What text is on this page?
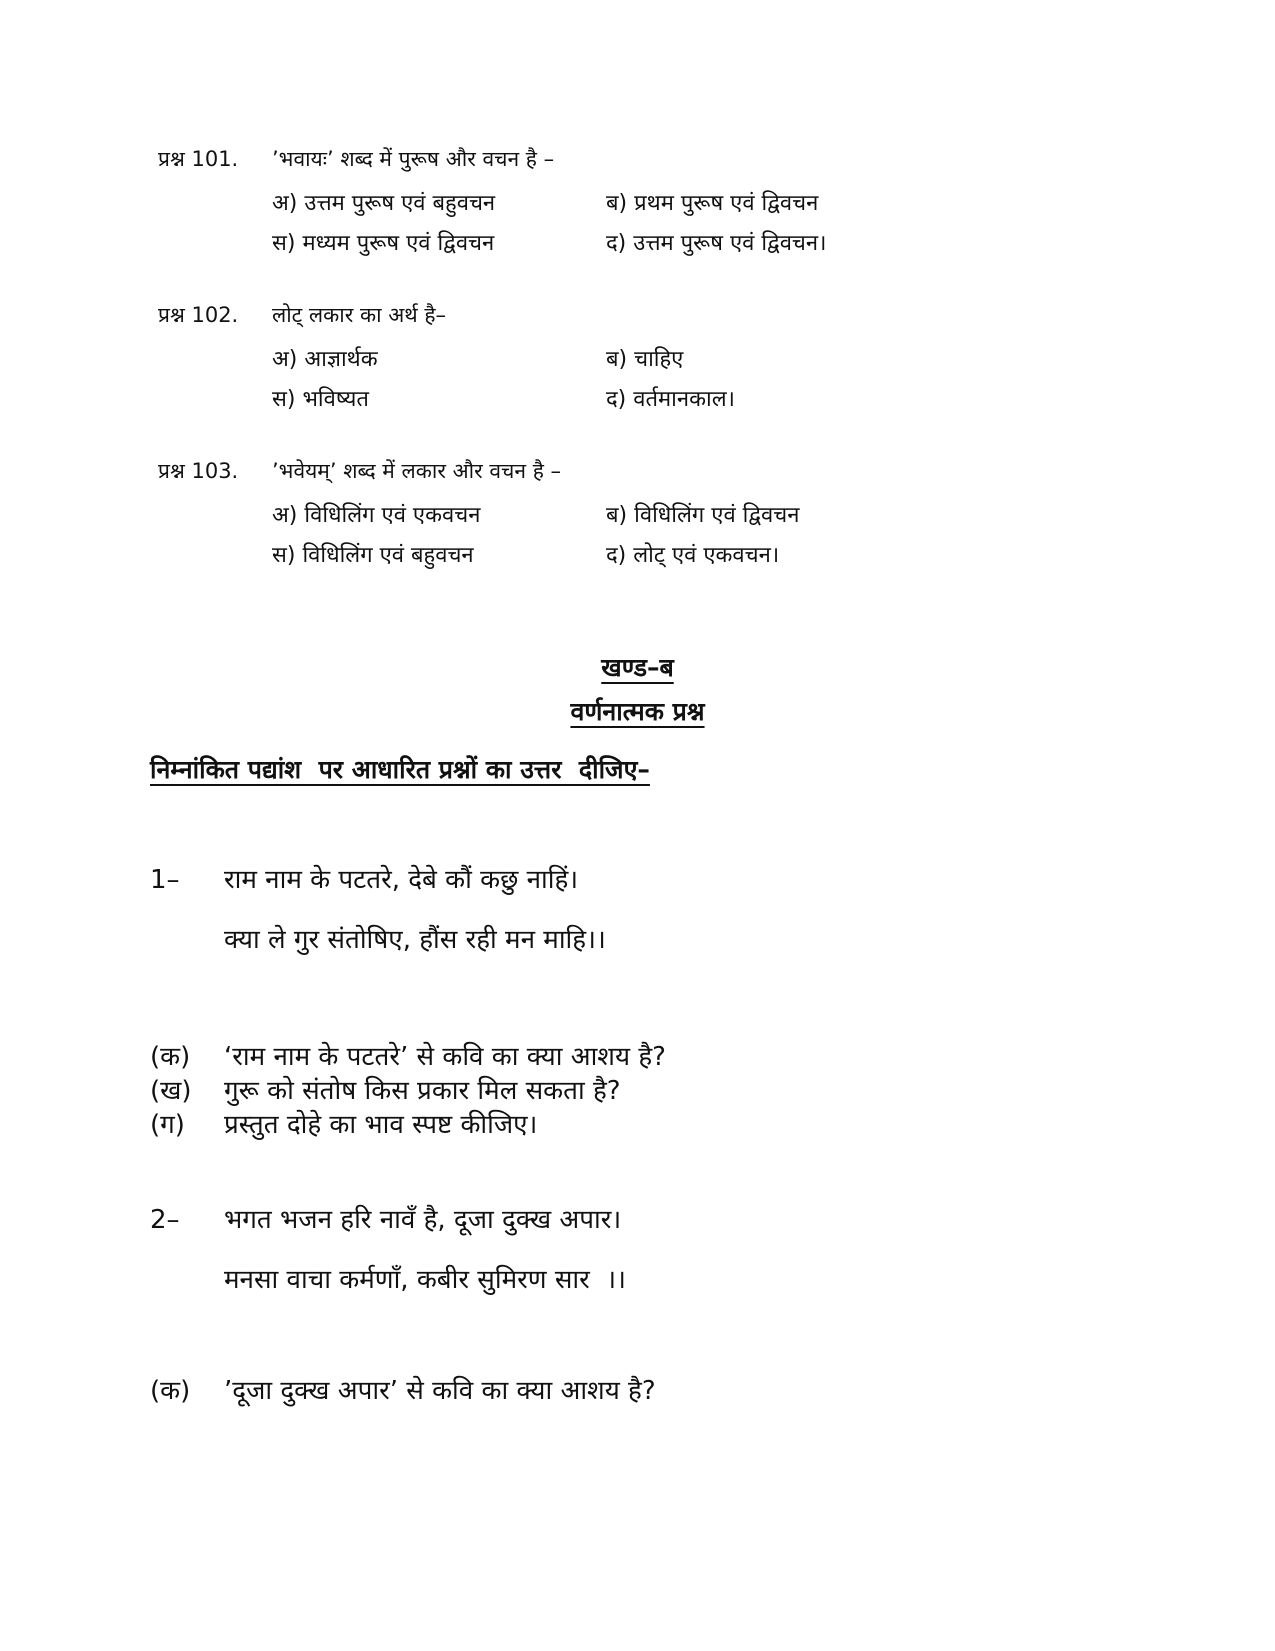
प्रश्न 101.	’भवायः’ शब्द में पुरूष और वचन है –
अ) उत्तम पुरूष एवं बहुवचन	ब) प्रथम पुरूष एवं द्विवचन
स) मध्यम पुरूष एवं द्विवचन	द) उत्तम पुरूष एवं द्विवचन।
प्रश्न 102.	लोट् लकार का अर्थ है–
अ) आज्ञार्थक	ब) चाहिए
स) भविष्यत	द) वर्तमानकाल।
प्रश्न 103.	’भवेयम्’ शब्द में लकार और वचन है –
अ) विधिलिंग एवं एकवचन	ब) विधिलिंग एवं द्विवचन
स) विधिलिंग एवं बहुवचन	द) लोट् एवं एकवचन।
खण्ड–ब
वर्णनात्मक प्रश्न
निम्नांकित पद्यांश  पर आधारित प्रश्नों का उत्तर  दीजिए–
1–	राम नाम के पटतरे, देबे कौं कछु नाहिं।
क्या ले गुर संतोषिए, हौंस रही मन माहि।।
(क)	‘राम नाम के पटतरे’ से कवि का क्या आशय है?
(ख)	गुरू को संतोष किस प्रकार मिल सकता है?
(ग)	प्रस्तुत दोहे का भाव स्पष्ट कीजिए।
2–	भगत भजन हरि नावँ है, दूजा दुक्ख अपार।
मनसा वाचा कर्मणाँ, कबीर सुमिरण सार  ।।
(क)	’दूजा दुक्ख अपार’ से कवि का क्या आशय है?
